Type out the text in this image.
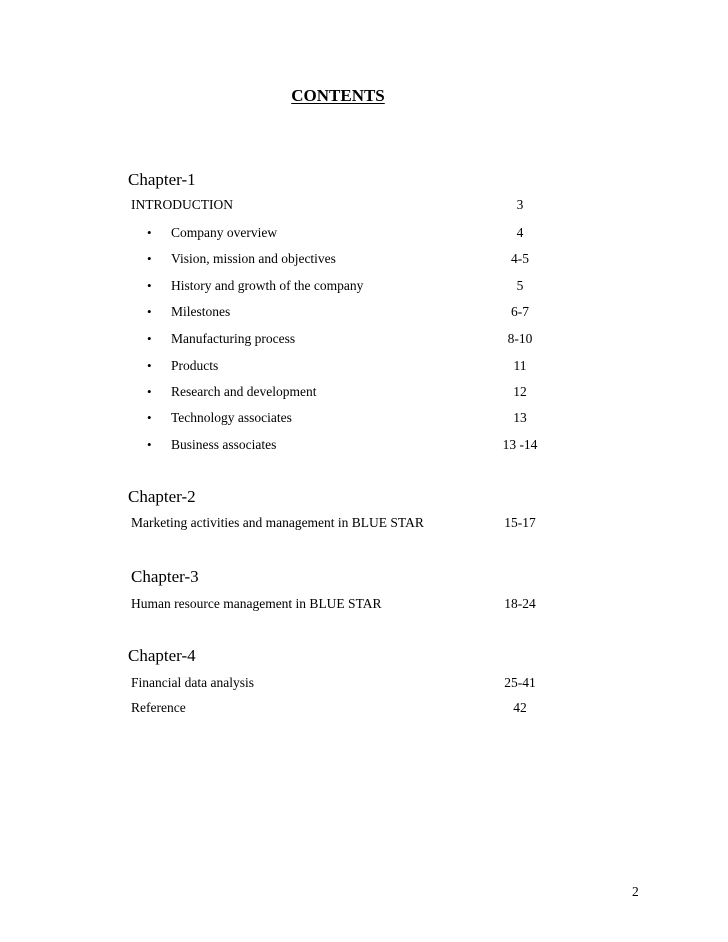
CONTENTS
Chapter-1
INTRODUCTION	3
• Company overview	4
• Vision, mission and objectives	4-5
• History and growth of the company	5
• Milestones	6-7
• Manufacturing process	8-10
• Products	11
• Research and development	12
• Technology associates	13
• Business associates	13 -14
Chapter-2
Marketing activities and management in BLUE STAR	15-17
Chapter-3
Human resource management in BLUE STAR	18-24
Chapter-4
Financial data analysis	25-41
Reference	42
2
